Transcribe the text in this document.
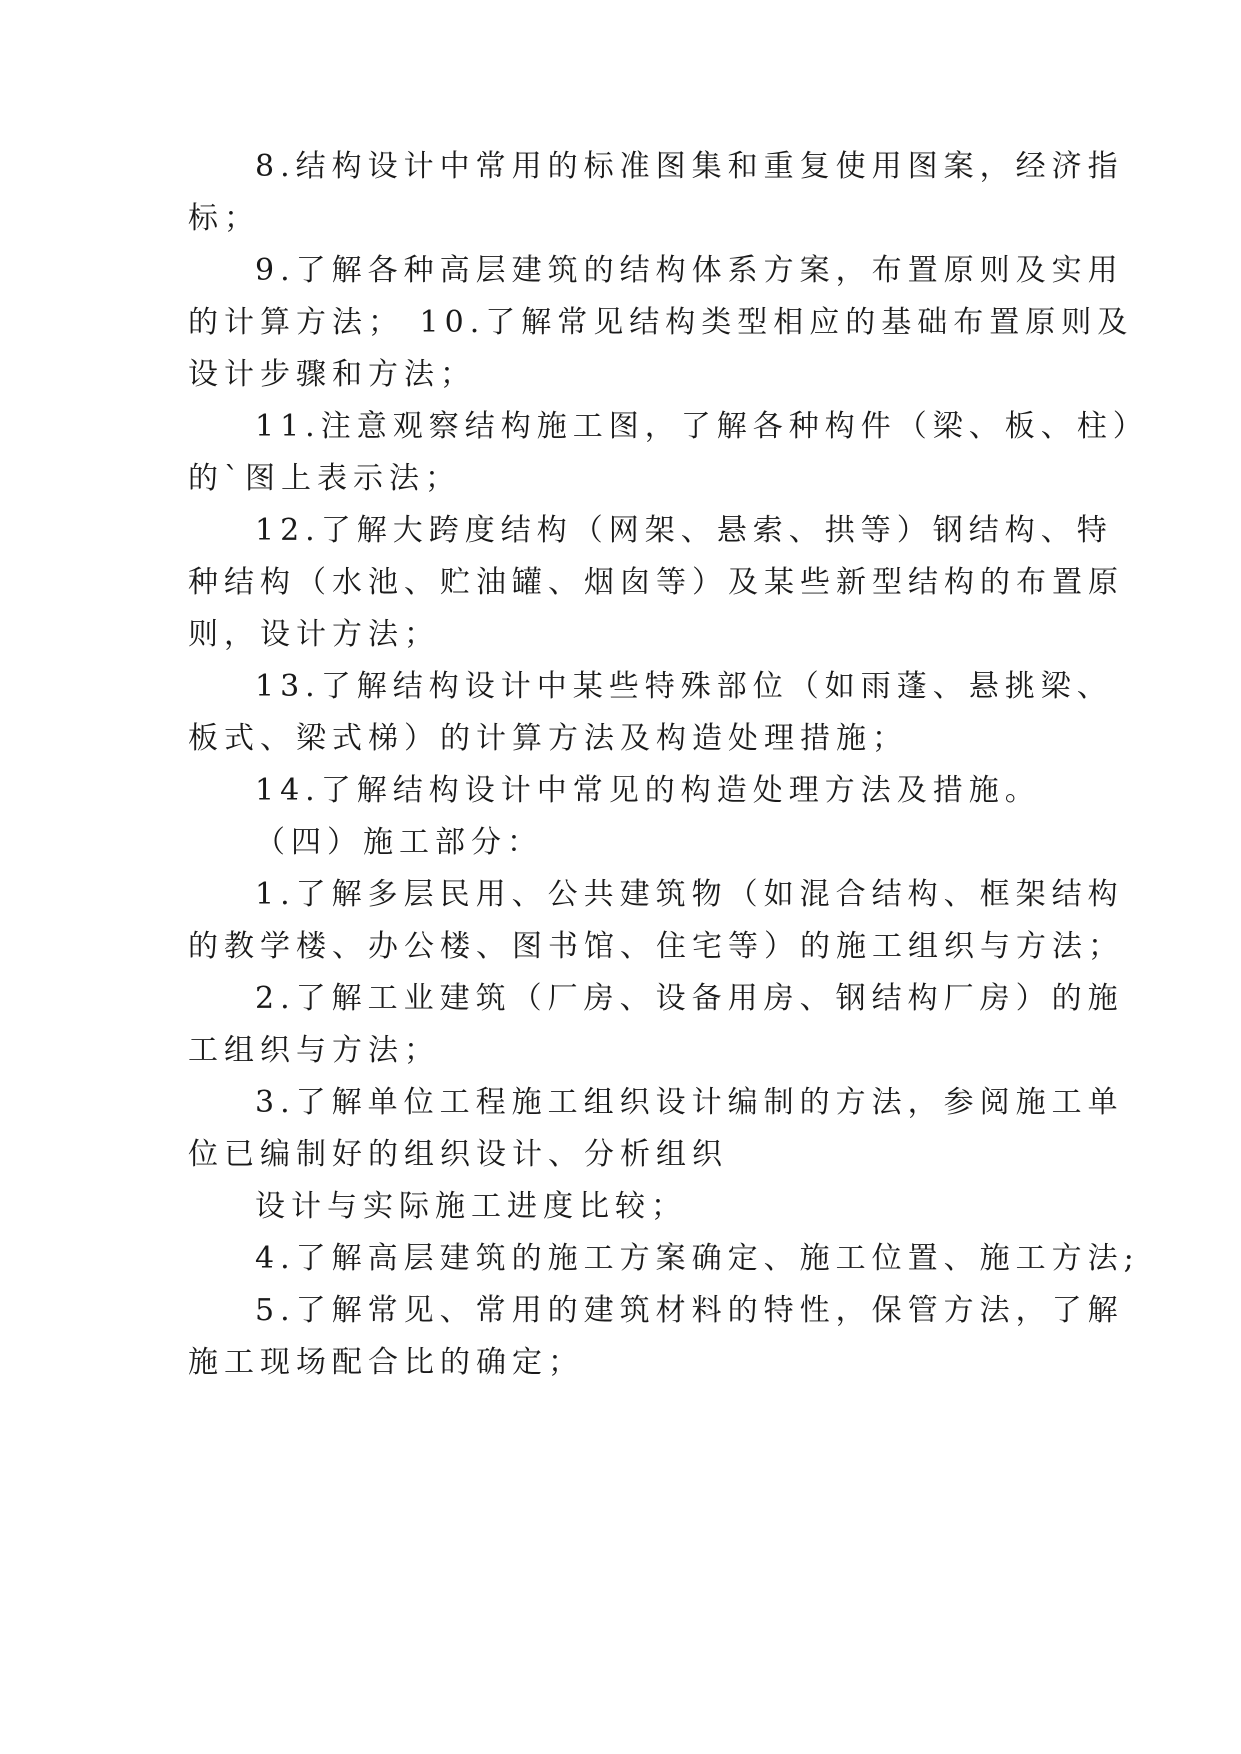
8.结构设计中常用的标准图集和重复使用图案，经济指
标；
9.了解各种高层建筑的结构体系方案，布置原则及实用
的计算方法； 10.了解常见结构类型相应的基础布置原则及
设计步骤和方法；
11.注意观察结构施工图，了解各种构件（梁、板、柱）
的`图上表示法；
12.了解大跨度结构（网架、悬索、拱等）钢结构、特
种结构（水池、贮油罐、烟囱等）及某些新型结构的布置原
则，设计方法；
13.了解结构设计中某些特殊部位（如雨蓬、悬挑梁、
板式、梁式梯）的计算方法及构造处理措施；
14.了解结构设计中常见的构造处理方法及措施。
（四）施工部分：
1.了解多层民用、公共建筑物（如混合结构、框架结构
的教学楼、办公楼、图书馆、住宅等）的施工组织与方法；
2.了解工业建筑（厂房、设备用房、钢结构厂房）的施
工组织与方法；
3.了解单位工程施工组织设计编制的方法，参阅施工单
位已编制好的组织设计、分析组织
设计与实际施工进度比较；
4.了解高层建筑的施工方案确定、施工位置、施工方法;
5.了解常见、常用的建筑材料的特性，保管方法，了解
施工现场配合比的确定；
